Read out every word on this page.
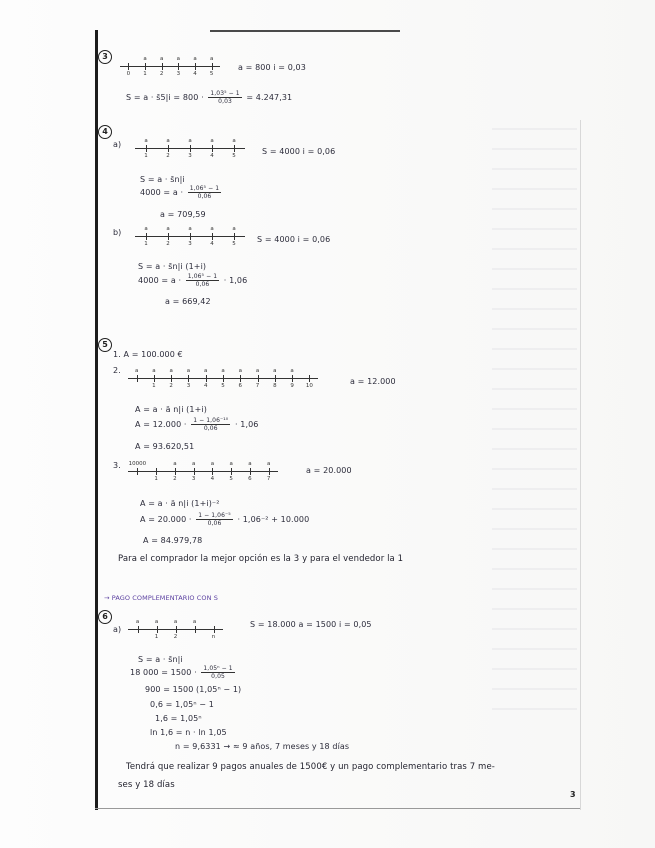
3
0 1 2 3 4 5
a a a a a
a = 800 i = 0,03
S = a · s̄5|i = $800 \cdot \frac{\text{1,03⁵ − 1}}{0,03} = 4.247,31$
4
a)
1	2	3	4	5
a	a	a	a	a
S = 4000 i = 0,06
S = a · s̄n|i
$4000 = a \cdot \frac{\text{1,06⁵ − 1}}{0,06}$
a = 709,59
b)
1	2	3	4	5
a	a	a	a	a
S = 4000 i = 0,06
S = a · s̄n|i (1+i)
$4000 = a \cdot \frac{\text{1,06⁵ − 1}}{0,06} \cdot 1,06$
a = 669,42
5
1. A = 100.000 €
2.
1	2	3	4	5	6	7	8	9 10
a	a	a	a	a	a	a	a	a	a
a = 12.000
A = a · ä n|i (1+i)
$A = 12.000 \cdot \frac{\text{1 − 1,06⁻¹⁰}}{0,06} \cdot 1,06$
A = 93.620,51
3.
1	2	3	4	5	6	7
a	a	a	a	a	a
10000
a = 20.000
A = a · ä n|i (1+i)⁻²
$A = 20.000 \cdot \frac{\text{1 − 1,06⁻⁵}}{0,06} \cdot 1,06^{-2} + 10.000$
A = 84.979,78
Para el comprador la mejor opción es la 3 y para el vendedor la 1
→ PAGO COMPLEMENTARIO CON S
6
a)
1	2	n
a	a	a	a	S = 18.000 a = 1500 i = 0,05
S = a · s̄n|i
18 $000 = 1500 \cdot \frac{\text{1,05ⁿ − 1}}{0,05}$
900 = 1500 (1,05ⁿ − 1)
0,6 = 1,05ⁿ − 1
1,6 = 1,05ⁿ
ln 1,6 = n · ln 1,05
n = 9,6331 → ≈ 9 años, 7 meses y 18 días
Tendrá que realizar 9 pagos anuales de 1500€ y un pago complementario tras 7 me-
ses y 18 días
3
